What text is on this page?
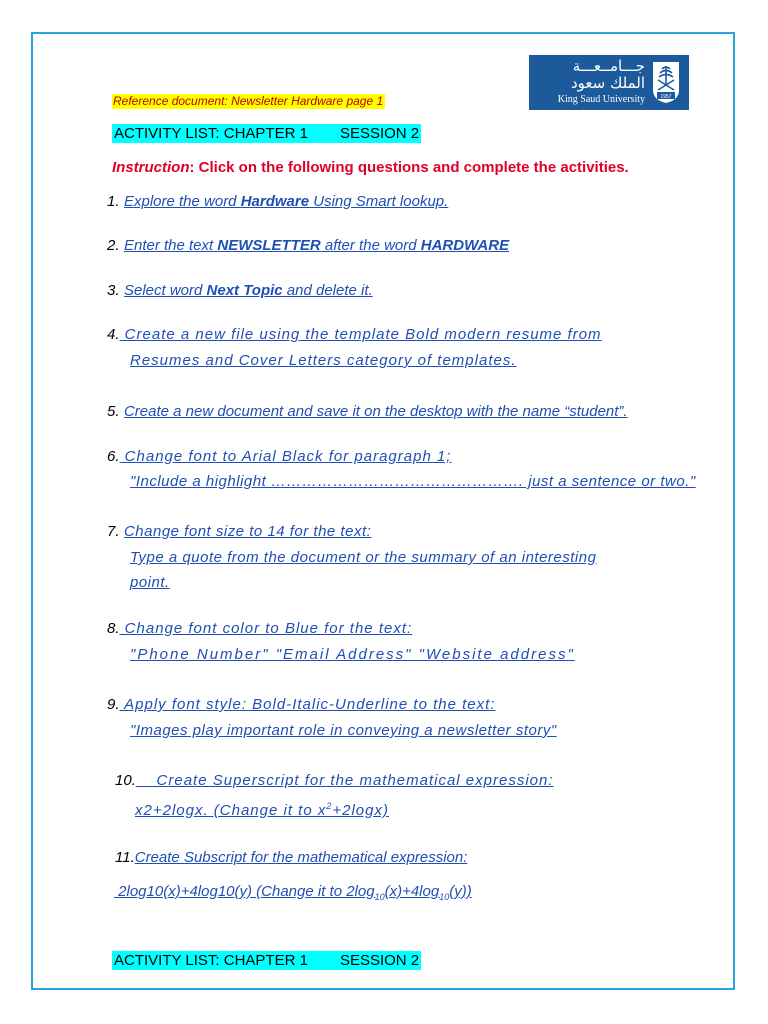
Reference document: Newsletter Hardware page 1
جـــامــعـــة
الملك سعود
King Saud University	1957
ACTIVITY LIST: CHAPTER 1 SESSION 2
Instruction: Click on the following questions and complete the activities.
1. Explore the word Hardware Using Smart lookup.
2. Enter the text NEWSLETTER after the word HARDWARE
3. Select word Next Topic and delete it.
4. Create a new file using the template Bold modern resume from
Resumes and Cover Letters category of templates.
5. Create a new document and save it on the desktop with the name “student”.
6. Change font to Arial Black for paragraph 1;
"Include a highlight …………………………………………. just a sentence or two."
7. Change font size to 14 for the text:
Type a quote from the document or the summary of an interesting
point.
8. Change font color to Blue for the text:
"Phone Number" "Email Address" "Website address"
9. Apply font style: Bold-Italic-Underline to the text:
"Images play important role in conveying a newsletter story"
10.    Create Superscript for the mathematical expression:
x2+2logx. (Change it to $x^2+2\log x$)
11.Create Subscript for the mathematical expression:
2log10(x)+4log10(y) (Change it to $2\log_{10}(x)+4\log_{10}(y)$)
ACTIVITY LIST: CHAPTER 1 SESSION 2
